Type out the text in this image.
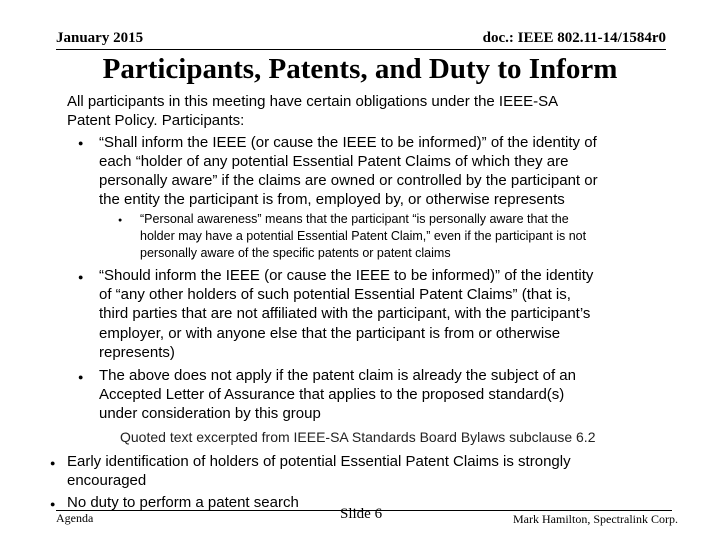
January 2015	doc.: IEEE 802.11-14/1584r0
Participants, Patents, and Duty to Inform
All participants in this meeting have certain obligations under the IEEE-SA
Patent Policy. Participants:
● “Shall inform the IEEE (or cause the IEEE to be informed)” of the identity of
each “holder of any potential Essential Patent Claims of which they are
personally aware” if the claims are owned or controlled by the participant or
the entity the participant is from, employed by, or otherwise represents
● “Personal awareness” means that the participant “is personally aware that the
holder may have a potential Essential Patent Claim,” even if the participant is not
personally aware of the specific patents or patent claims
● “Should inform the IEEE (or cause the IEEE to be informed)” of the identity
of “any other holders of such potential Essential Patent Claims” (that is,
third parties that are not affiliated with the participant, with the participant’s
employer, or with anyone else that the participant is from or otherwise
represents)
● The above does not apply if the patent claim is already the subject of an
Accepted Letter of Assurance that applies to the proposed standard(s)
under consideration by this group
Quoted text excerpted from IEEE-SA Standards Board Bylaws subclause 6.2
● Early identification of holders of potential Essential Patent Claims is strongly
encouraged
● No duty to perform a patent search
Agenda	Slide 6	Mark Hamilton, Spectralink Corp.
